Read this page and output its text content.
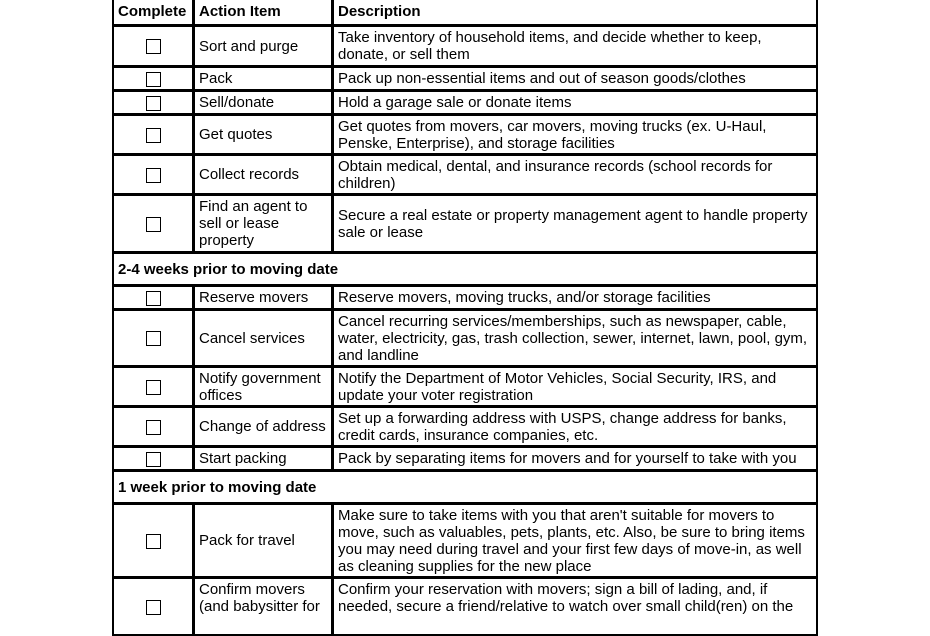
Complete	Action Item	Description
	Sort and purge	Take inventory of household items, and decide whether to keep, donate, or sell them
	Pack	Pack up non-essential items and out of season goods/clothes
	Sell/donate	Hold a garage sale or donate items
	Get quotes	Get quotes from movers, car movers, moving trucks (ex. U-Haul, Penske, Enterprise), and storage facilities
	Collect records	Obtain medical, dental, and insurance records (school records for children)
	Find an agent to sell or lease property	Secure a real estate or property management agent to handle property sale or lease
2-4 weeks prior to moving date		
	Reserve movers	Reserve movers, moving trucks, and/or storage facilities
	Cancel services	Cancel recurring services/memberships, such as newspaper, cable, water, electricity, gas, trash collection, sewer, internet, lawn, pool, gym, and landline
	Notify government offices	Notify the Department of Motor Vehicles, Social Security, IRS, and update your voter registration
	Change of address	Set up a forwarding address with USPS, change address for banks, credit cards, insurance companies, etc.
	Start packing	Pack by separating items for movers and for yourself to take with you
1 week prior to moving date		
	Pack for travel	Make sure to take items with you that aren't suitable for movers to move, such as valuables, pets, plants, etc. Also, be sure to bring items you may need during travel and your first few days of move-in, as well as cleaning supplies for the new place
	Confirm movers (and babysitter for	Confirm your reservation with movers; sign a bill of lading, and, if needed, secure a friend/relative to watch over small child(ren) on the
